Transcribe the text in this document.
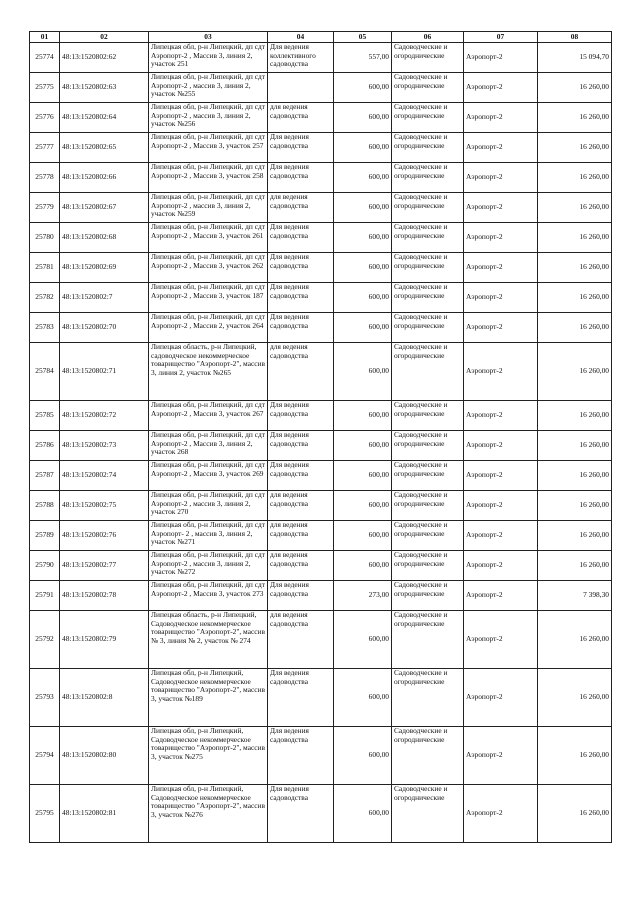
01	02	03	04	05	06	07	08
25774	48:13:1520802:62	Липецкая обл, р-н Липецкий, дп сдт Аэропорт-2 , Массив 3, линия 2, участок 251	Для ведения коллективного садоводства	557,00	Садоводческие и огороднические	Аэропорт-2	15 094,70
25775	48:13:1520802:63	Липецкая обл, р-н Липецкий, дп сдт Аэропорт-2 , массив 3, линия 2, участок №255		600,00	Садоводческие и огороднические	Аэропорт-2	16 260,00
25776	48:13:1520802:64	Липецкая обл, р-н Липецкий, дп сдт Аэропорт-2 , массив 3, линия 2, участок №256	для ведения садоводства	600,00	Садоводческие и огороднические	Аэропорт-2	16 260,00
25777	48:13:1520802:65	Липецкая обл, р-н Липецкий, дп сдт Аэропорт-2 , Массив 3, участок 257	Для ведения садоводства	600,00	Садоводческие и огороднические	Аэропорт-2	16 260,00
25778	48:13:1520802:66	Липецкая обл, р-н Липецкий, дп сдт Аэропорт-2 , Массив 3, участок 258	Для ведения садоводства	600,00	Садоводческие и огороднические	Аэропорт-2	16 260,00
25779	48:13:1520802:67	Липецкая обл, р-н Липецкий, дп сдт Аэропорт-2 , массив 3, линия 2, участок №259	для ведения садоводства	600,00	Садоводческие и огороднические	Аэропорт-2	16 260,00
25780	48:13:1520802:68	Липецкая обл, р-н Липецкий, дп сдт Аэропорт-2 , Массив 3, участок 261	Для ведения садоводства	600,00	Садоводческие и огороднические	Аэропорт-2	16 260,00
25781	48:13:1520802:69	Липецкая обл, р-н Липецкий, дп сдт Аэропорт-2 , Массив 3, участок 262	Для ведения садоводства	600,00	Садоводческие и огороднические	Аэропорт-2	16 260,00
25782	48:13:1520802:7	Липецкая обл, р-н Липецкий, дп сдт Аэропорт-2 , Массив 3, участок 187	Для ведения садоводства	600,00	Садоводческие и огороднические	Аэропорт-2	16 260,00
25783	48:13:1520802:70	Липецкая обл, р-н Липецкий, дп сдт Аэропорт-2 , Массив 2, участок 264	Для ведения садоводства	600,00	Садоводческие и огороднические	Аэропорт-2	16 260,00
25784	48:13:1520802:71	Липецкая область, р-н Липецкий, садоводческое некоммерческое товарищество "Аэропорт-2", массив 3, линия 2, участок №265	для ведения садоводства	600,00	Садоводческие и огороднические	Аэропорт-2	16 260,00
25785	48:13:1520802:72	Липецкая обл, р-н Липецкий, дп сдт Аэропорт-2 , Массив 3, участок 267	Для ведения садоводства	600,00	Садоводческие и огороднические	Аэропорт-2	16 260,00
25786	48:13:1520802:73	Липецкая обл, р-н Липецкий, дп сдт Аэропорт-2 , Массив 3, линия 2, участок 268	Для ведения садоводства	600,00	Садоводческие и огороднические	Аэропорт-2	16 260,00
25787	48:13:1520802:74	Липецкая обл, р-н Липецкий, дп сдт Аэропорт-2 , Массив 3, участок 269	Для ведения садоводства	600,00	Садоводческие и огороднические	Аэропорт-2	16 260,00
25788	48:13:1520802:75	Липецкая обл, р-н Липецкий, дп сдт Аэропорт-2 , массив 3, линия 2, участок 270	для ведения садоводства	600,00	Садоводческие и огороднические	Аэропорт-2	16 260,00
25789	48:13:1520802:76	Липецкая обл, р-н Липецкий, дп сдт Аэропорт- 2 , массив 3, линия 2, участок №271	для ведения садоводства	600,00	Садоводческие и огороднические	Аэропорт-2	16 260,00
25790	48:13:1520802:77	Липецкая обл, р-н Липецкий, дп сдт Аэропорт-2 , массив 3, линия 2, участок №272	для ведения садоводства	600,00	Садоводческие и огороднические	Аэропорт-2	16 260,00
25791	48:13:1520802:78	Липецкая обл, р-н Липецкий, дп сдт Аэропорт-2 , Массив 3, участок 273	Для ведения садоводства	273,00	Садоводческие и огороднические	Аэропорт-2	7 398,30
25792	48:13:1520802:79	Липецкая область, р-н Липецкий, Садоводческое некоммерческое товарищество "Аэропорт-2", массив № 3, линия № 2, участок № 274	для ведения садоводства	600,00	Садоводческие и огороднические	Аэропорт-2	16 260,00
25793	48:13:1520802:8	Липецкая обл, р-н Липецкий, Садоводческое некоммерческое товарищество "Аэропорт-2", массив 3, участок №189	Для ведения садоводства	600,00	Садоводческие и огороднические	Аэропорт-2	16 260,00
25794	48:13:1520802:80	Липецкая обл, р-н Липецкий, Садоводческое некоммерческое товарищество "Аэропорт-2", массив 3, участок №275	Для ведения садоводства	600,00	Садоводческие и огороднические	Аэропорт-2	16 260,00
25795	48:13:1520802:81	Липецкая обл, р-н Липецкий, Садоводческое некоммерческое товарищество "Аэропорт-2", массив 3, участок №276	Для ведения садоводства	600,00	Садоводческие и огороднические	Аэропорт-2	16 260,00
